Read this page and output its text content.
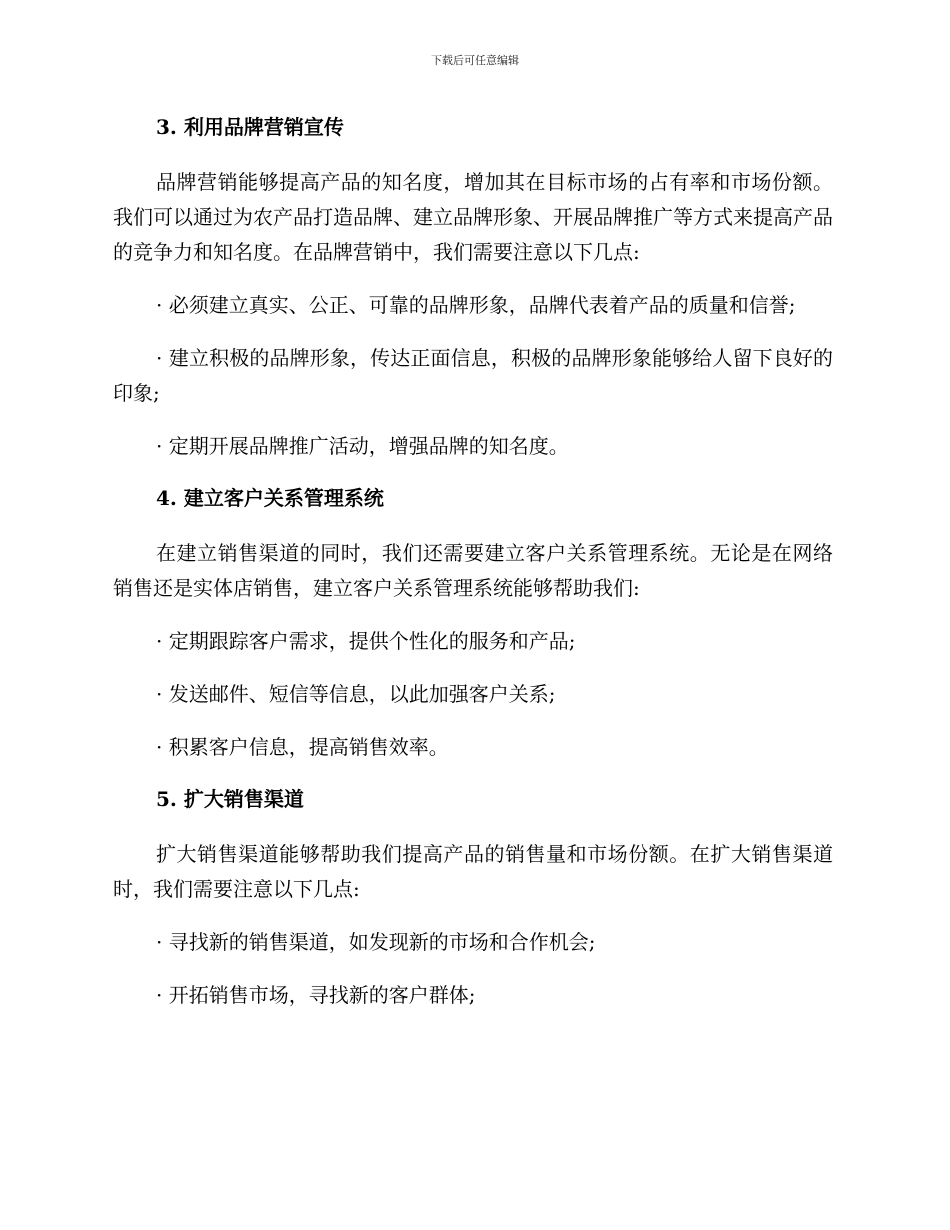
下载后可任意编辑
3. 利用品牌营销宣传

品牌营销能够提高产品的知名度，增加其在目标市场的占有率和市场份额。我们可以通过为农产品打造品牌、建立品牌形象、开展品牌推广等方式来提高产品的竞争力和知名度。在品牌营销中，我们需要注意以下几点:

· 必须建立真实、公正、可靠的品牌形象，品牌代表着产品的质量和信誉;

· 建立积极的品牌形象，传达正面信息，积极的品牌形象能够给人留下良好的印象;

· 定期开展品牌推广活动，增强品牌的知名度。

4. 建立客户关系管理系统

在建立销售渠道的同时，我们还需要建立客户关系管理系统。无论是在网络销售还是实体店销售，建立客户关系管理系统能够帮助我们:

· 定期跟踪客户需求，提供个性化的服务和产品;

· 发送邮件、短信等信息，以此加强客户关系;

· 积累客户信息，提高销售效率。

5. 扩大销售渠道

扩大销售渠道能够帮助我们提高产品的销售量和市场份额。在扩大销售渠道时，我们需要注意以下几点:

· 寻找新的销售渠道，如发现新的市场和合作机会;

· 开拓销售市场，寻找新的客户群体;
